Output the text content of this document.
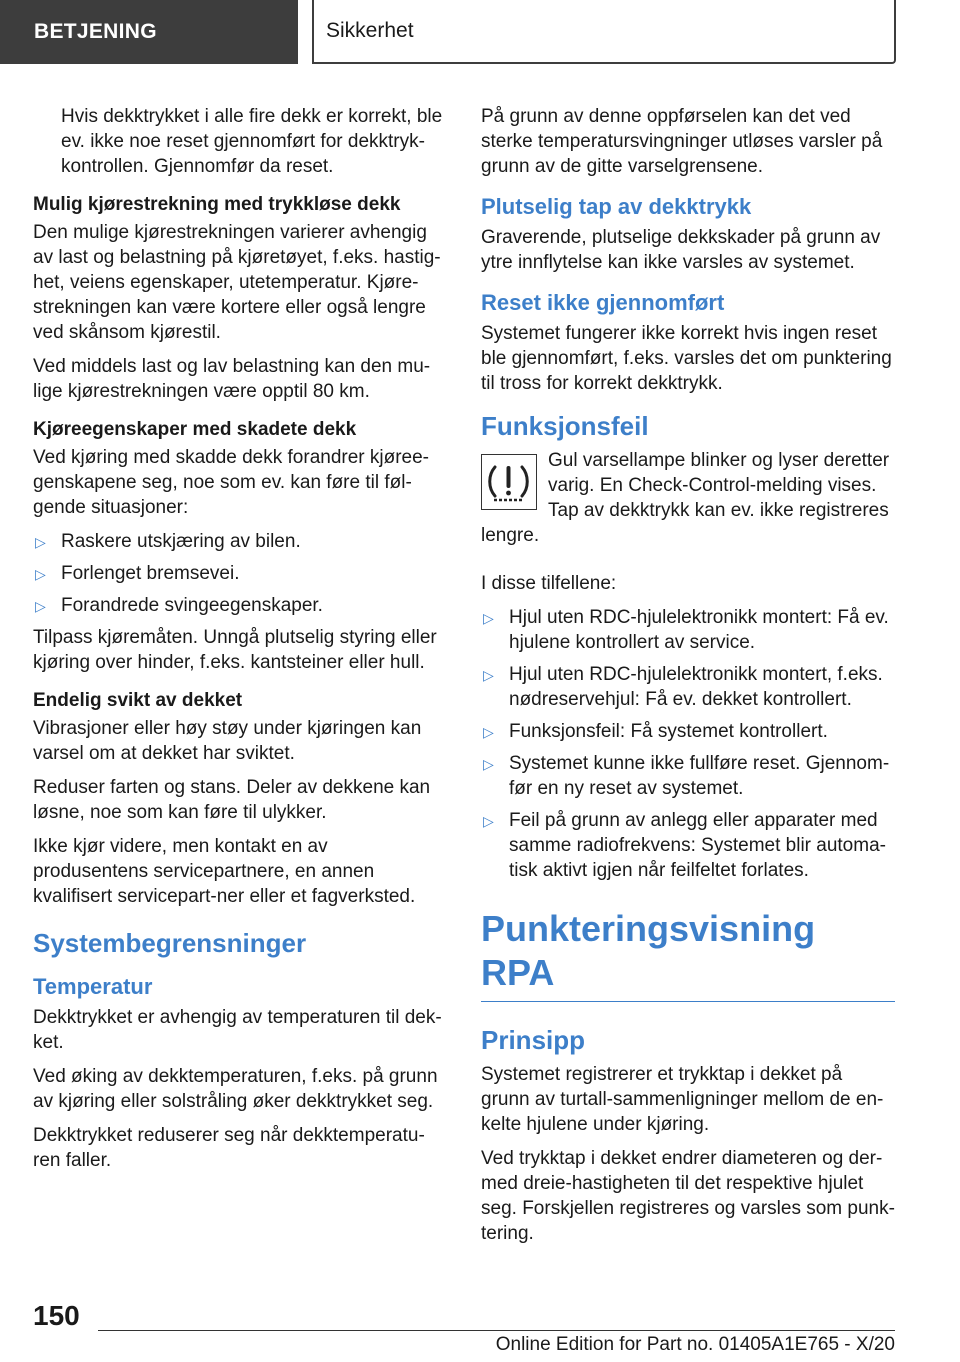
BETJENING	Sikkerhet

Hvis dekktrykket i alle fire dekk er korrekt, ble ev. ikke noe reset gjennomført for dekktryk-kontrollen. Gjennomfør da reset.

Mulig kjørestrekning med trykkløse dekk

Den mulige kjørestrekningen varierer avhengig av last og belastning på kjøretøyet, f.eks. hastig-het, veiens egenskaper, utetemperatur. Kjøre-strekningen kan være kortere eller også lengre ved skånsom kjørestil.

Ved middels last og lav belastning kan den mu-lige kjørestrekningen være opptil 80 km.

Kjøreegenskaper med skadete dekk

Ved kjøring med skadde dekk forandrer kjøree-genskapene seg, noe som ev. kan føre til føl-gende situasjoner:

▷ Raskere utskjæring av bilen.
▷ Forlenget bremsevei.
▷ Forandrede svingeegenskaper.

Tilpass kjøremåten. Unngå plutselig styring eller kjøring over hinder, f.eks. kantsteiner eller hull.

Endelig svikt av dekket

Vibrasjoner eller høy støy under kjøringen kan varsel om at dekket har sviktet.

Reduser farten og stans. Deler av dekkene kan løsne, noe som kan føre til ulykker.

Ikke kjør videre, men kontakt en av produsentens servicepartnere, en annen kvalifisert servicepart-ner eller et fagverksted.

Systembegrensninger
Temperatur

Dekktrykket er avhengig av temperaturen til dek-ket.

Ved øking av dekktemperaturen, f.eks. på grunn av kjøring eller solstråling øker dekktrykket seg.

Dekktrykket reduserer seg når dekktemperatu-ren faller.

På grunn av denne oppførselen kan det ved sterke temperatursvingninger utløses varsler på grunn av de gitte varselgrensene.

Plutselig tap av dekktrykk

Graverende, plutselige dekkskader på grunn av ytre innflytelse kan ikke varsles av systemet.

Reset ikke gjennomført

Systemet fungerer ikke korrekt hvis ingen reset ble gjennomført, f.eks. varsles det om punktering til tross for korrekt dekktrykk.

Funksjonsfeil

Gul varsellampe blinker og lyser deretter varig. En Check-Control-melding vises. Tap av dekktrykk kan ev. ikke registreres lengre.

I disse tilfellene:

▷ Hjul uten RDC-hjulelektronikk montert: Få ev. hjulene kontrollert av service.
▷ Hjul uten RDC-hjulelektronikk montert, f.eks. nødreservehjul: Få ev. dekket kontrollert.
▷ Funksjonsfeil: Få systemet kontrollert.
▷ Systemet kunne ikke fullføre reset. Gjennom-før en ny reset av systemet.
▷ Feil på grunn av anlegg eller apparater med samme radiofrekvens: Systemet blir automa-tisk aktivt igjen når feilfeltet forlates.
Punkteringsvisning RPA
Prinsipp

Systemet registrerer et trykktap i dekket på grunn av turtall-sammenligninger mellom de en-kelte hjulene under kjøring.

Ved trykktap i dekket endrer diameteren og der-med dreie-hastigheten til det respektive hjulet seg. Forskjellen registreres og varsles som punk-tering.

150
Online Edition for Part no. 01405A1E765 - X/20
